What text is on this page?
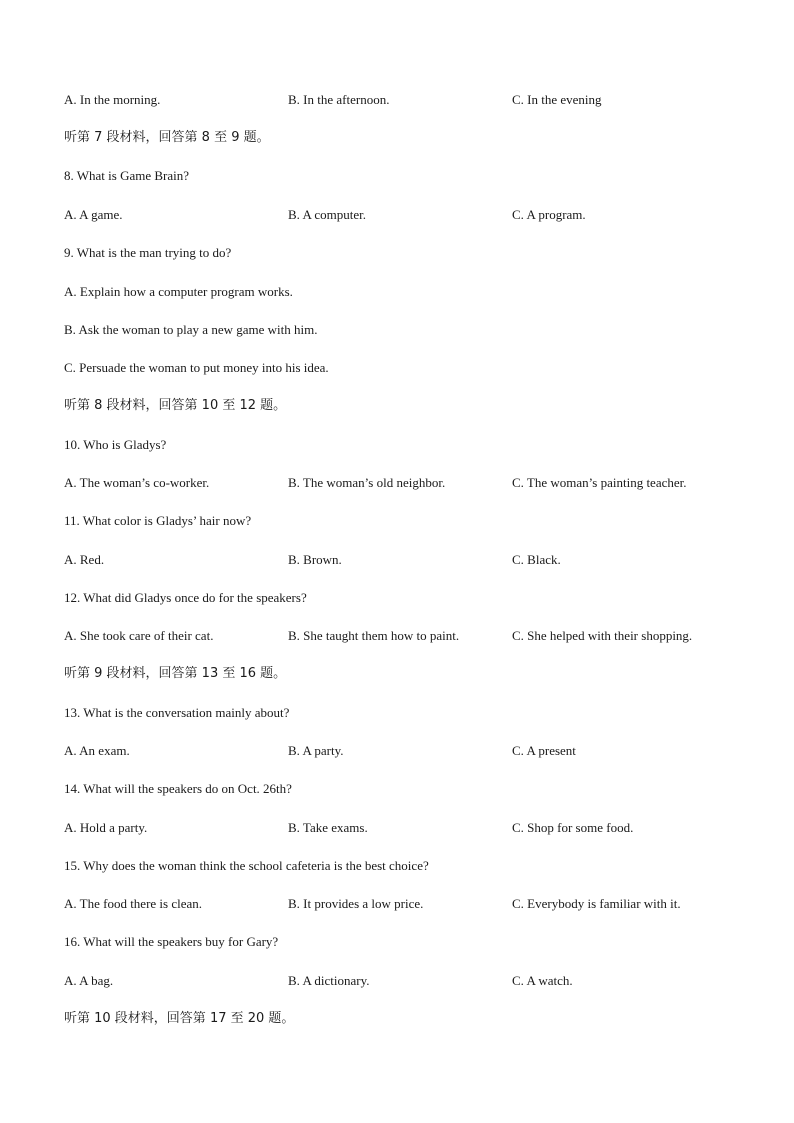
A. In the morning.	B. In the afternoon.	C. In the evening
听第 7 段材料，回答第 8 至 9 题。
8. What is Game Brain?
A. A game.	B. A computer.	C. A program.
9. What is the man trying to do?
A. Explain how a computer program works.
B. Ask the woman to play a new game with him.
C. Persuade the woman to put money into his idea.
听第 8 段材料，回答第 10 至 12 题。
10. Who is Gladys?
A. The woman’s co-worker.	B. The woman’s old neighbor.	C. The woman’s painting teacher.
11. What color is Gladys’ hair now?
A. Red.	B. Brown.	C. Black.
12. What did Gladys once do for the speakers?
A. She took care of their cat.	B. She taught them how to paint.	C. She helped with their shopping.
听第 9 段材料，回答第 13 至 16 题。
13. What is the conversation mainly about?
A. An exam.	B. A party.	C. A present
14. What will the speakers do on Oct. 26th?
A. Hold a party.	B. Take exams.	C. Shop for some food.
15. Why does the woman think the school cafeteria is the best choice?
A. The food there is clean.	B. It provides a low price.	C. Everybody is familiar with it.
16. What will the speakers buy for Gary?
A. A bag.	B. A dictionary.	C. A watch.
听第 10 段材料，回答第 17 至 20 题。
